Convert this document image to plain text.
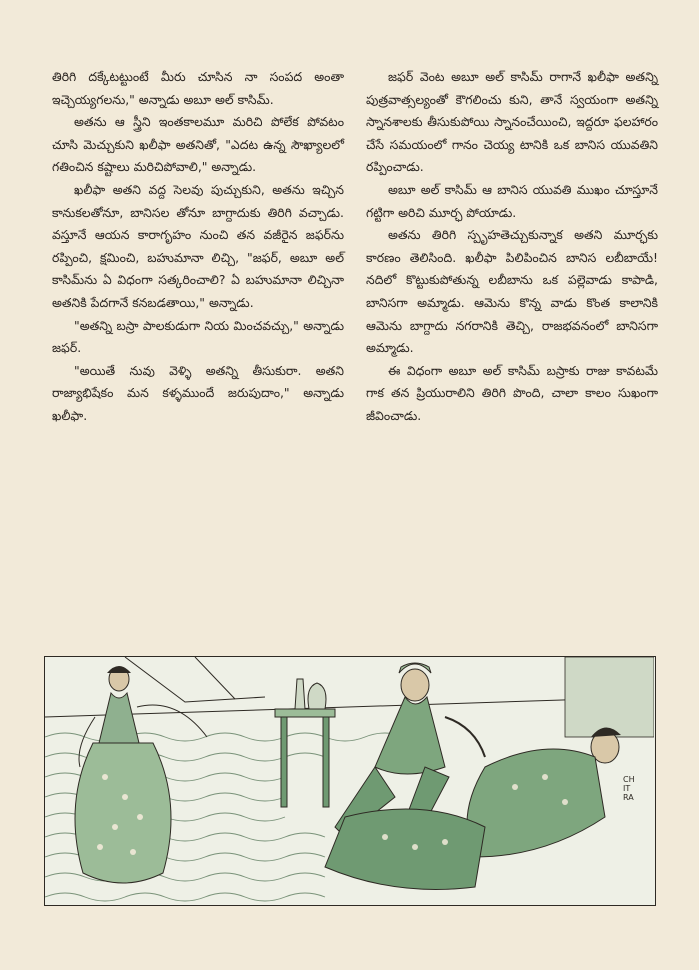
తిరిగి దక్కేటట్టుంటే మీరు చూసిన నా సంపద అంతా ఇచ్చెయ్యగలను," అన్నాడు అబూ అల్ కాసిమ్.

అతను ఆ స్త్రీని ఇంతకాలమూ మరిచి పోలేక పోవటం చూసి మెచ్చుకుని ఖలీఫా అతనితో, "ఎదట ఉన్న సౌఖ్యాలలో గతించిన కష్టాలు మరిచిపోవాలి," అన్నాడు.

ఖలీఫా అతని వద్ద సెలవు పుచ్చుకుని, అతను ఇచ్చిన కానుకలతోనూ, బానిసల తోనూ బాగ్దాదుకు తిరిగి వచ్చాడు. వస్తూనే ఆయన కారాగృహం నుంచి తన వజీరైన జఫర్‌ను రప్పించి, క్షమించి, బహుమానా లిచ్చి, "జఫర్, అబూ అల్ కాసిమ్‌ను ఏ విధంగా సత్కరించాలి? ఏ బహుమానా లిచ్చినా అతనికి పేదగానే కనబడతాయి," అన్నాడు.

"అతన్ని బస్రా పాలకుడుగా నియ మించవచ్చు," అన్నాడు జఫర్.

"అయితే నువు వెళ్ళి అతన్ని తీసుకురా. అతని రాజ్యాభిషేకం మన కళ్ళముందే జరుపుదాం," అన్నాడు ఖలీఫా.

జఫర్ వెంట అబూ అల్ కాసిమ్ రాగానే ఖలీఫా అతన్ని పుత్రవాత్సల్యంతో కౌగలించు కుని, తానే స్వయంగా అతన్ని స్నానశాలకు తీసుకుపోయి స్నానంచేయించి, ఇద్దరూ ఫలహారం చేసే సమయంలో గానం చెయ్య టానికి ఒక బానిస యువతిని రప్పించాడు.

అబూ అల్ కాసిమ్ ఆ బానిస యువతి ముఖం చూస్తూనే గట్టిగా అరిచి మూర్ఛ పోయాడు.

అతను తిరిగి స్పృహతెచ్చుకున్నాక అతని మూర్ఛకు కారణం తెలిసింది. ఖలీఫా పిలిపించిన బానిస లబీబాయే! నదిలో కొట్టుకుపోతున్న లబీబాను ఒక పల్లెవాడు కాపాడి, బానిసగా అమ్మాడు. ఆమెను కొన్న వాడు కొంత కాలానికి ఆమెను బాగ్దాదు నగరానికి తెచ్చి, రాజభవనంలో బానిసగా అమ్మాడు.

ఈ విధంగా అబూ అల్ కాసిమ్ బస్రాకు రాజు కావటమే గాక తన ప్రియురాలిని తిరిగి పొంది, చాలా కాలం సుఖంగా జీవించాడు.

CHITRA
